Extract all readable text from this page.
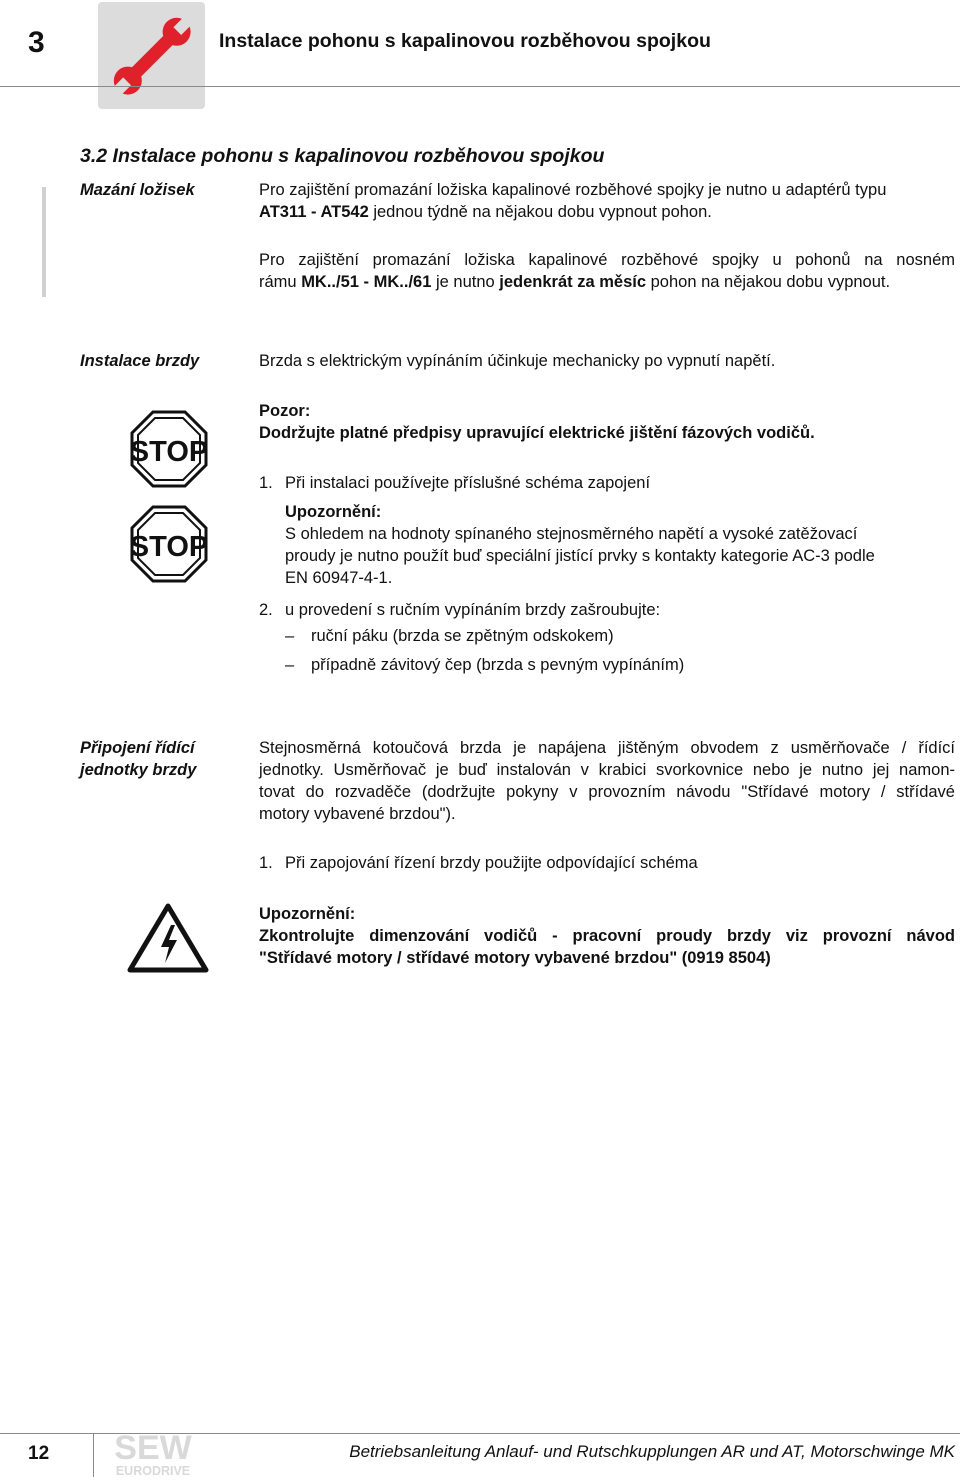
3	Instalace pohonu s kapalinovou rozběhovou spojkou
3.2 Instalace pohonu s kapalinovou rozběhovou spojkou
Mazání ložisek	Pro zajištění promazání ložiska kapalinové rozběhové spojky je nutno u adaptérů typu
AT311 - AT542 jednou týdně na nějakou dobu vypnout pohon.
Pro zajištění promazání ložiska kapalinové rozběhové spojky u pohonů na nosném
rámu MK../51 - MK../61 je nutno jedenkrát za měsíc pohon na nějakou dobu vypnout.
Instalace brzdy	Brzda s elektrickým vypínáním účinkuje mechanicky po vypnutí napětí.
STOP
Pozor:
Dodržujte platné předpisy upravující elektrické jištění fázových vodičů.
STOP
1. Při instalaci používejte příslušné schéma zapojení
Upozornění:
S ohledem na hodnoty spínaného stejnosměrného napětí a vysoké zatěžovací
proudy je nutno použít buď speciální jistící prvky s kontakty kategorie AC-3 podle
EN 60947-4-1.
2. u provedení s ručním vypínáním brzdy zašroubujte:
– ruční páku (brzda se zpětným odskokem)
– případně závitový čep (brzda s pevným vypínáním)
Připojení řídící
jednotky brzdy
Stejnosměrná kotoučová brzda je napájena jištěným obvodem z usměrňovače / řídící
jednotky. Usměrňovač je buď instalován v krabici svorkovnice nebo je nutno jej namon-
tovat do rozvaděče (dodržujte pokyny v provozním návodu "Střídavé motory / střídavé
motory vybavené brzdou").
1. Při zapojování řízení brzdy použijte odpovídající schéma
Upozornění:
Zkontrolujte dimenzování vodičů - pracovní proudy brzdy viz provozní návod
"Střídavé motory / střídavé motory vybavené brzdou" (0919 8504)
12 SEW
EURODRIVE
Betriebsanleitung Anlauf- und Rutschkupplungen AR und AT, Motorschwinge MK
